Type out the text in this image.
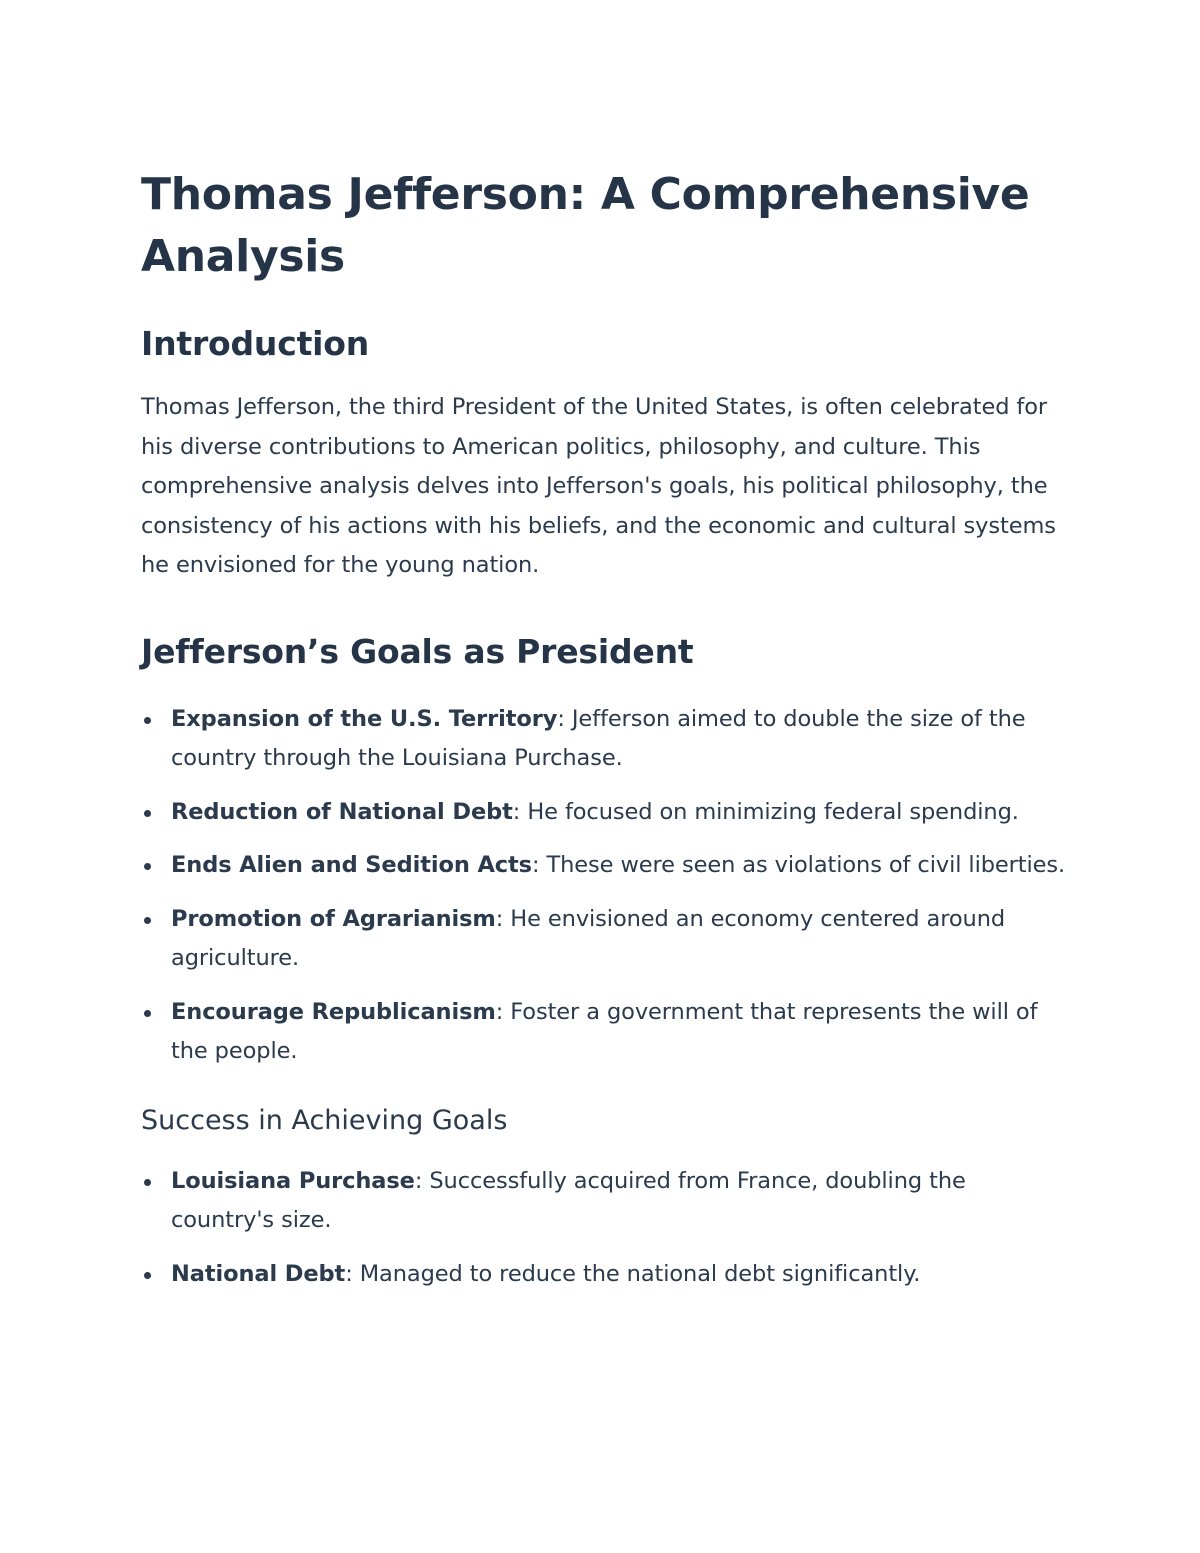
Thomas Jefferson: A Comprehensive Analysis
Introduction

Thomas Jefferson, the third President of the United States, is often celebrated for his diverse contributions to American politics, philosophy, and culture. This comprehensive analysis delves into Jefferson's goals, his political philosophy, the consistency of his actions with his beliefs, and the economic and cultural systems he envisioned for the young nation.

Jefferson’s Goals as President
Expansion of the U.S. Territory: Jefferson aimed to double the size of the country through the Louisiana Purchase.
Reduction of National Debt: He focused on minimizing federal spending.
Ends Alien and Sedition Acts: These were seen as violations of civil liberties.
Promotion of Agrarianism: He envisioned an economy centered around agriculture.
Encourage Republicanism: Foster a government that represents the will of the people.
Success in Achieving Goals
Louisiana Purchase: Successfully acquired from France, doubling the country's size.
National Debt: Managed to reduce the national debt significantly.
